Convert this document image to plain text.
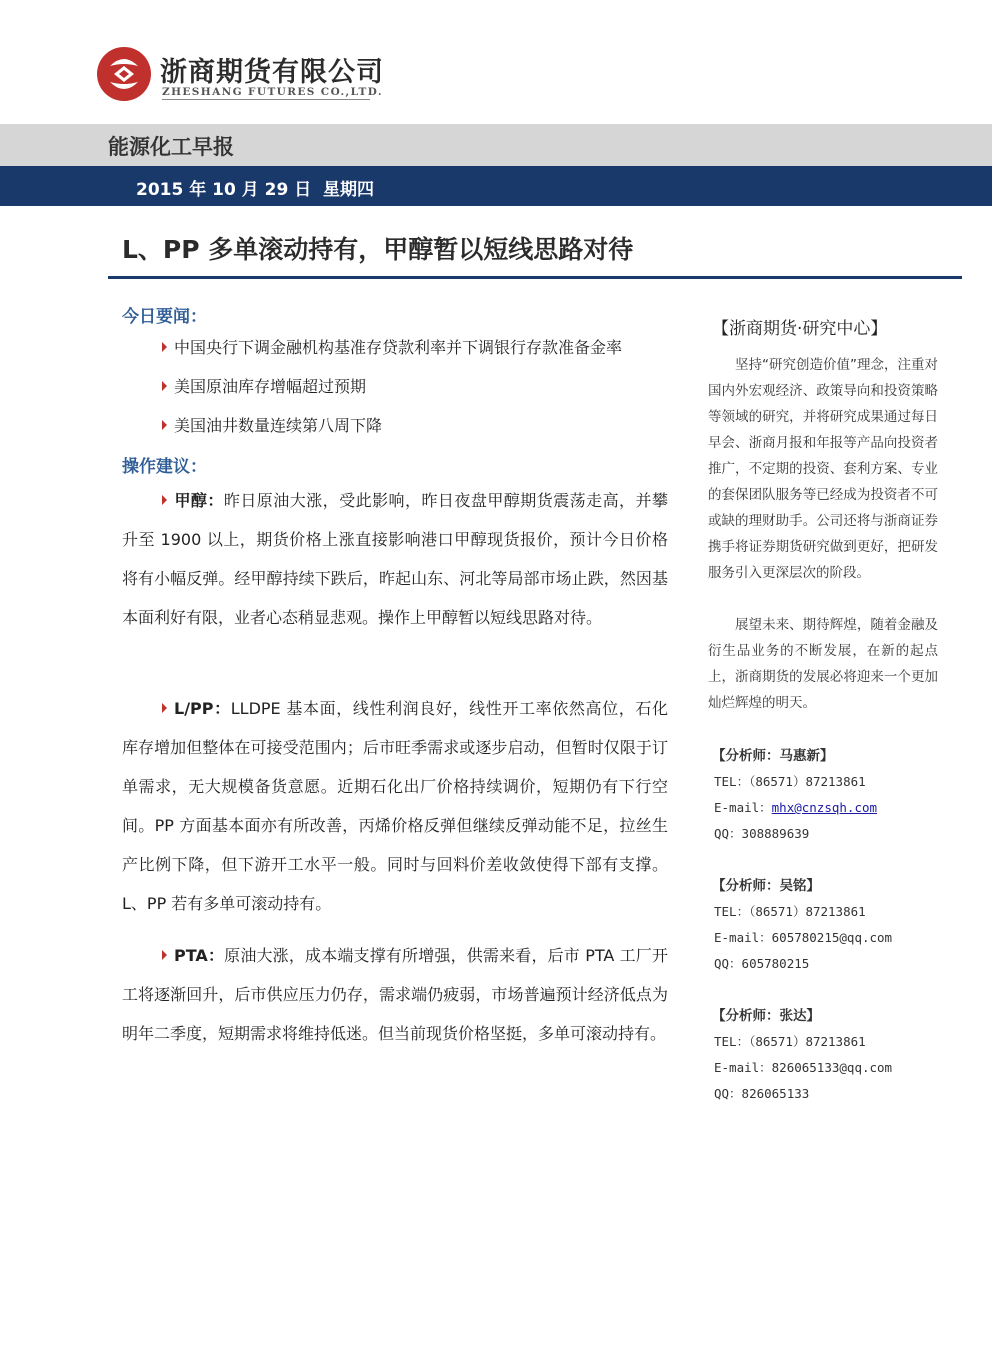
浙商期货有限公司
ZHESHANG FUTURES CO.,LTD.
能源化工早报
2015 年 10 月 29 日  星期四
L、PP 多单滚动持有，甲醇暂以短线思路对待
今日要闻：
中国央行下调金融机构基准存贷款利率并下调银行存款准备金率
美国原油库存增幅超过预期
美国油井数量连续第八周下降
操作建议：
甲醇：昨日原油大涨，受此影响，昨日夜盘甲醇期货震荡走高，并攀升至 1900 以上，期货价格上涨直接影响港口甲醇现货报价，预计今日价格将有小幅反弹。经甲醇持续下跌后，昨起山东、河北等局部市场止跌，然因基本面利好有限，业者心态稍显悲观。操作上甲醇暂以短线思路对待。
L/PP：LLDPE 基本面，线性利润良好，线性开工率依然高位，石化库存增加但整体在可接受范围内；后市旺季需求或逐步启动，但暂时仅限于订单需求，无大规模备货意愿。近期石化出厂价格持续调价，短期仍有下行空间。PP 方面基本面亦有所改善，丙烯价格反弹但继续反弹动能不足，拉丝生产比例下降，但下游开工水平一般。同时与回料价差收敛使得下部有支撑。L、PP 若有多单可滚动持有。
PTA：原油大涨，成本端支撑有所增强，供需来看，后市 PTA 工厂开工将逐渐回升，后市供应压力仍存，需求端仍疲弱，市场普遍预计经济低点为明年二季度，短期需求将维持低迷。但当前现货价格坚挺，多单可滚动持有。
【浙商期货·研究中心】
坚持“研究创造价值”理念，注重对国内外宏观经济、政策导向和投资策略等领域的研究，并将研究成果通过每日早会、浙商月报和年报等产品向投资者推广，不定期的投资、套利方案、专业的套保团队服务等已经成为投资者不可或缺的理财助手。公司还将与浙商证券携手将证券期货研究做到更好，把研发服务引入更深层次的阶段。
展望未来、期待辉煌，随着金融及衍生品业务的不断发展，在新的起点上，浙商期货的发展必将迎来一个更加灿烂辉煌的明天。
【分析师：马惠新】
TEL：（86571）87213861
E-mail：mhx@cnzsqh.com
QQ：308889639
【分析师：吴铭】
TEL：（86571）87213861
E-mail：605780215@qq.com
QQ：605780215
【分析师：张达】
TEL：（86571）87213861
E-mail：826065133@qq.com
QQ：826065133
